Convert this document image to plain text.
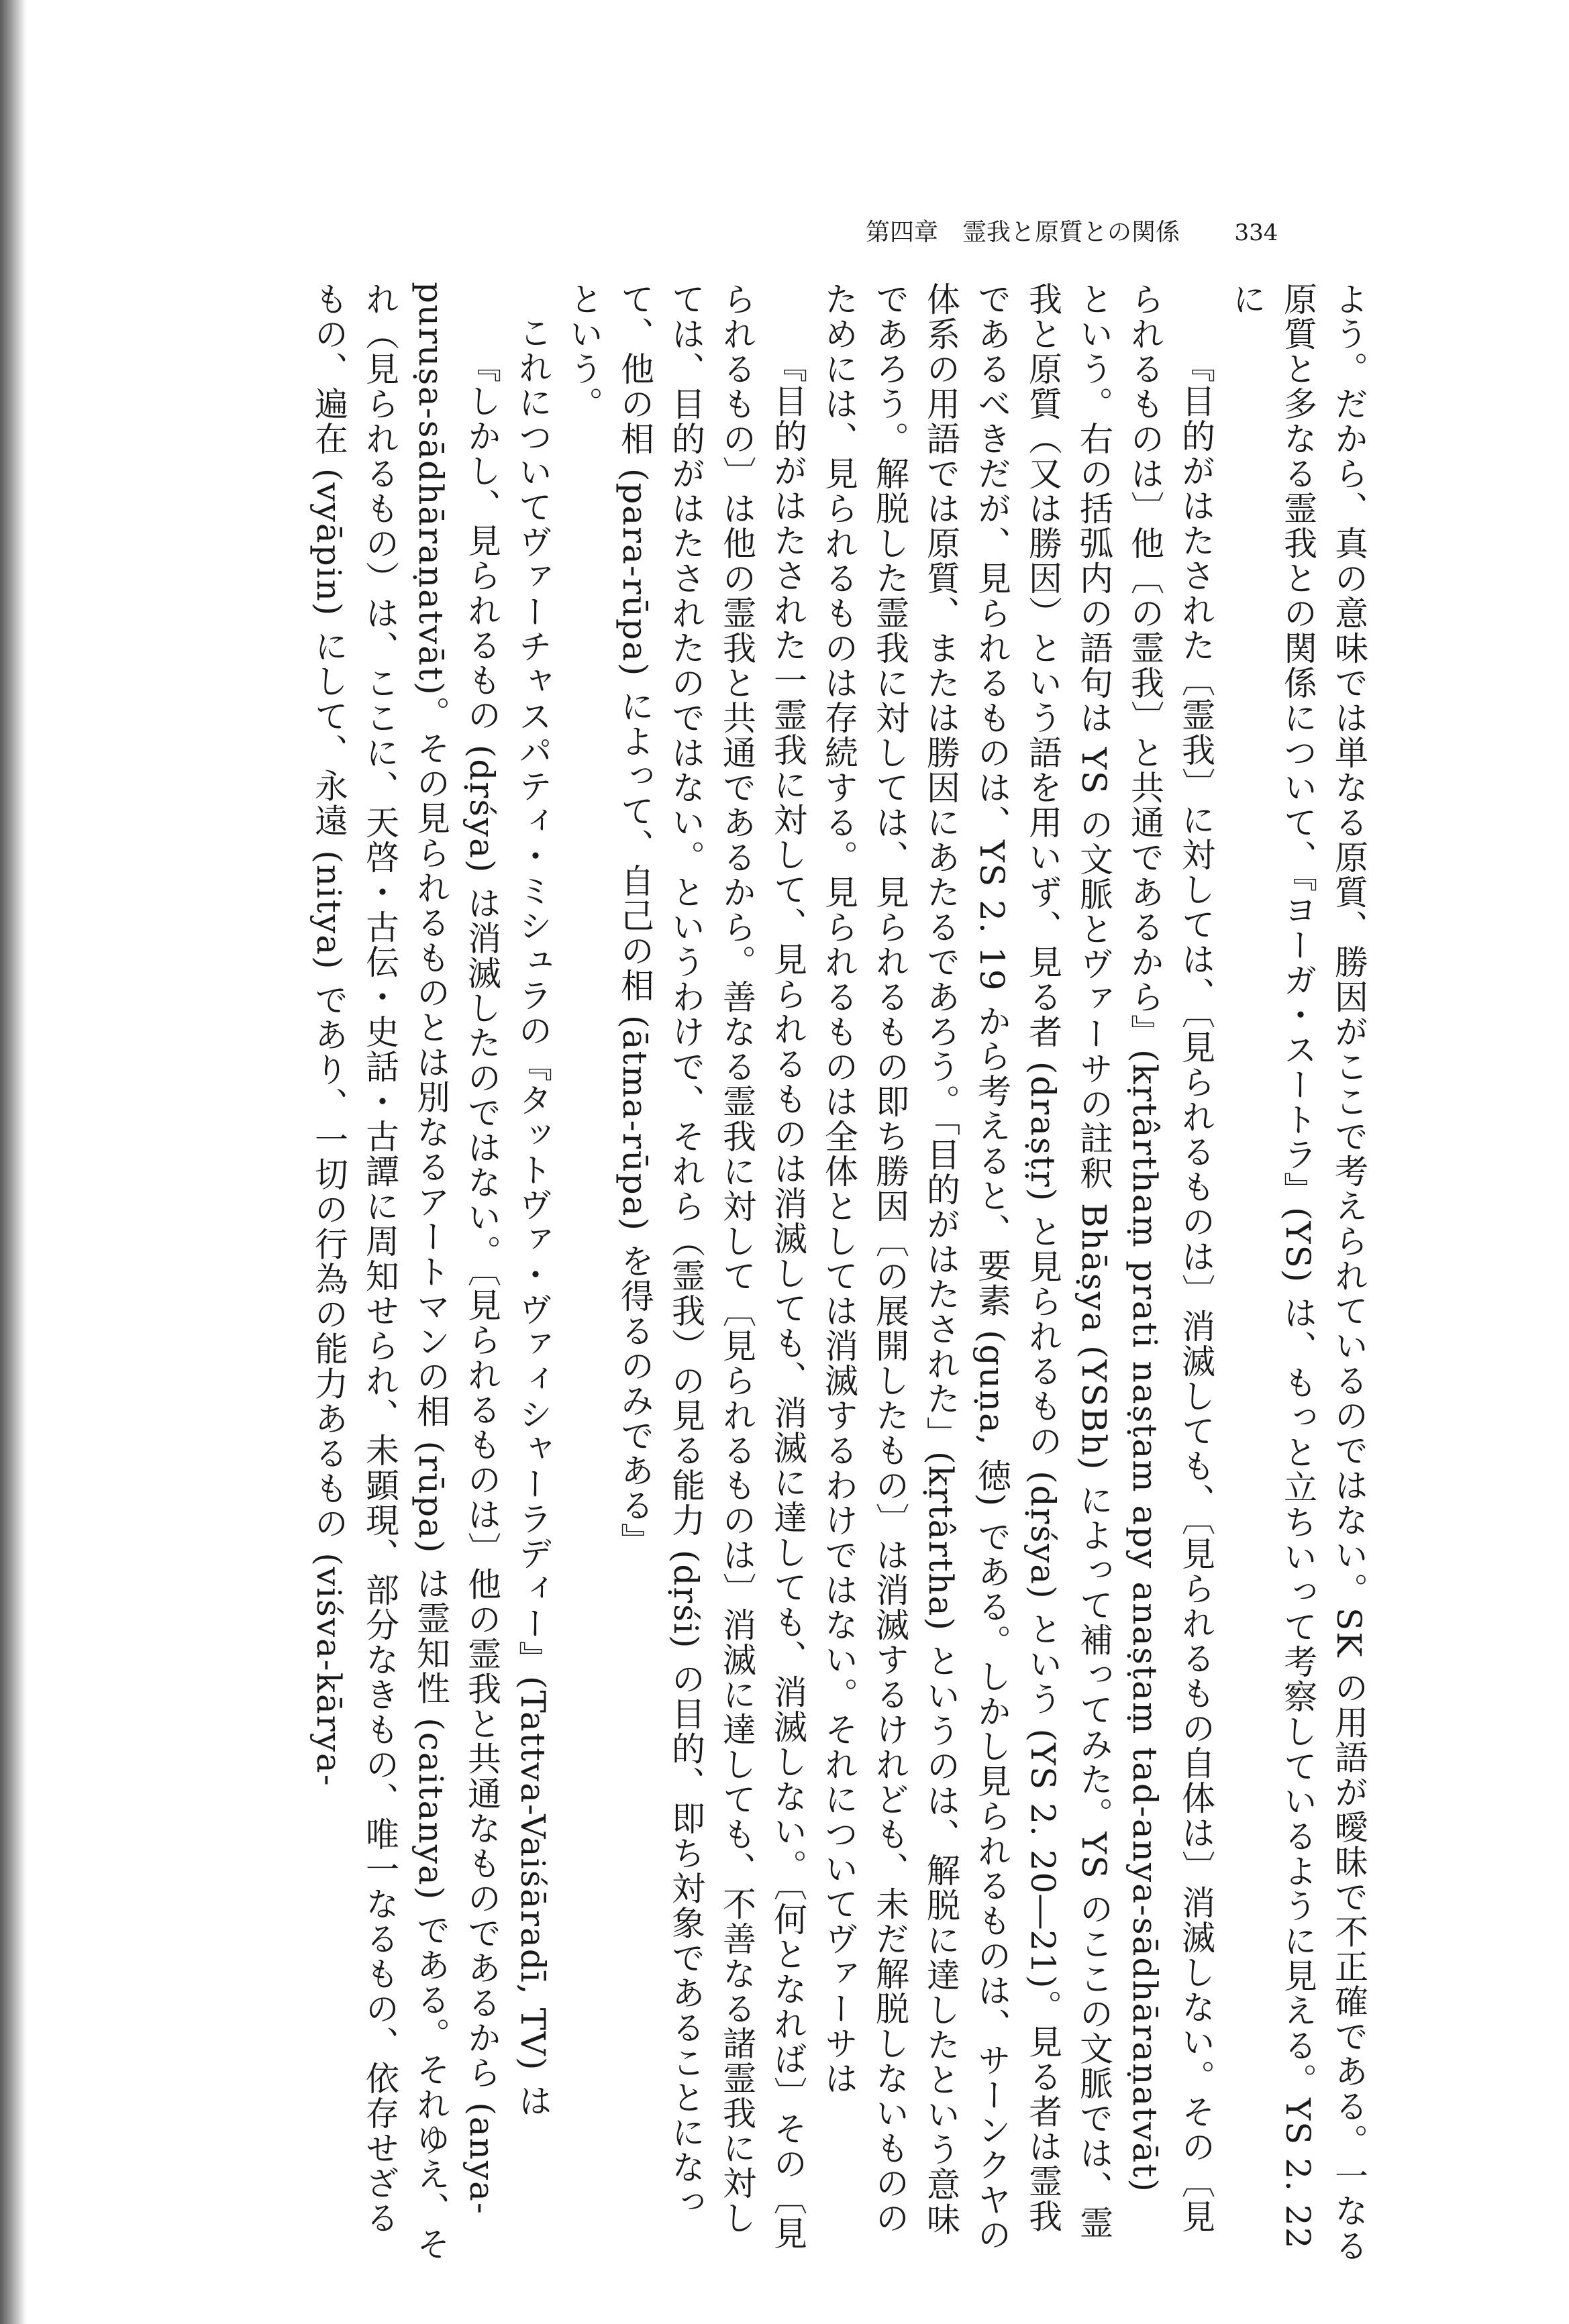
第四章　霊我と原質との関係 334

よう。だから、真の意味では単なる原質、勝因がここで考えられているのではない。SK の用語が曖昧で不正確である。一なる原質と多なる霊我との関係について、『ヨーガ・スートラ』(YS) は、もっと立ちいって考察しているように見える。YS 2. 22 に

『目的がはたされた〔霊我〕に対しては、〔見られるものは〕消滅しても、〔見られるもの自体は〕消滅しない。その〔見られるものは〕他〔の霊我〕と共通であるから』(kṛtârthaṃ prati naṣṭam apy anaṣṭaṃ tad-anya-sādhāraṇatvāt)

という。右の括弧内の語句は YS の文脈とヴァーサの註釈 Bhāṣya (YSBh) によって補ってみた。YS のここの文脈では、霊我と原質（又は勝因）という語を用いず、見る者 (draṣṭṛ) と見られるもの (dṛśya) という (YS 2. 20―21)。見る者は霊我であるべきだが、見られるものは、YS 2. 19 から考えると、要素 (guṇa, 徳) である。しかし見られるものは、サーンクヤの体系の用語では原質、または勝因にあたるであろう。「目的がはたされた」(kṛtârtha) というのは、解脱に達したという意味であろう。解脱した霊我に対しては、見られるもの即ち勝因〔の展開したもの〕は消滅するけれども、未だ解脱しないもののためには、見られるものは存続する。見られるものは全体としては消滅するわけではない。それについてヴァーサは

『目的がはたされた一霊我に対して、見られるものは消滅しても、消滅に達しても、消滅しない。〔何となれば〕その〔見られるもの〕は他の霊我と共通であるから。善なる霊我に対して〔見られるものは〕消滅に達しても、不善なる諸霊我に対しては、目的がはたされたのではない。というわけで、それら（霊我）の見る能力 (dṛśi) の目的、即ち対象であることになって、他の相 (para-rūpa) によって、自己の相 (ātma-rūpa) を得るのみである』

という。

これについてヴァーチャスパティ・ミシュラの『タットヴァ・ヴァィシャーラディー』(Tattva-Vaiśāradī, TV) は

『しかし、見られるもの (dṛśya) は消滅したのではない。〔見られるものは〕他の霊我と共通なものであるから (anya-puruṣa-sādhāraṇatvāt)。その見られるものとは別なるアートマンの相 (rūpa) は霊知性 (caitanya) である。それゆえ、それ（見られるもの）は、ここに、天啓・古伝・史話・古譚に周知せられ、未顕現、部分なきもの、唯一なるもの、依存せざるもの、遍在 (vyāpin) にして、永遠 (nitya) であり、一切の行為の能力あるもの (viśva-kārya-
